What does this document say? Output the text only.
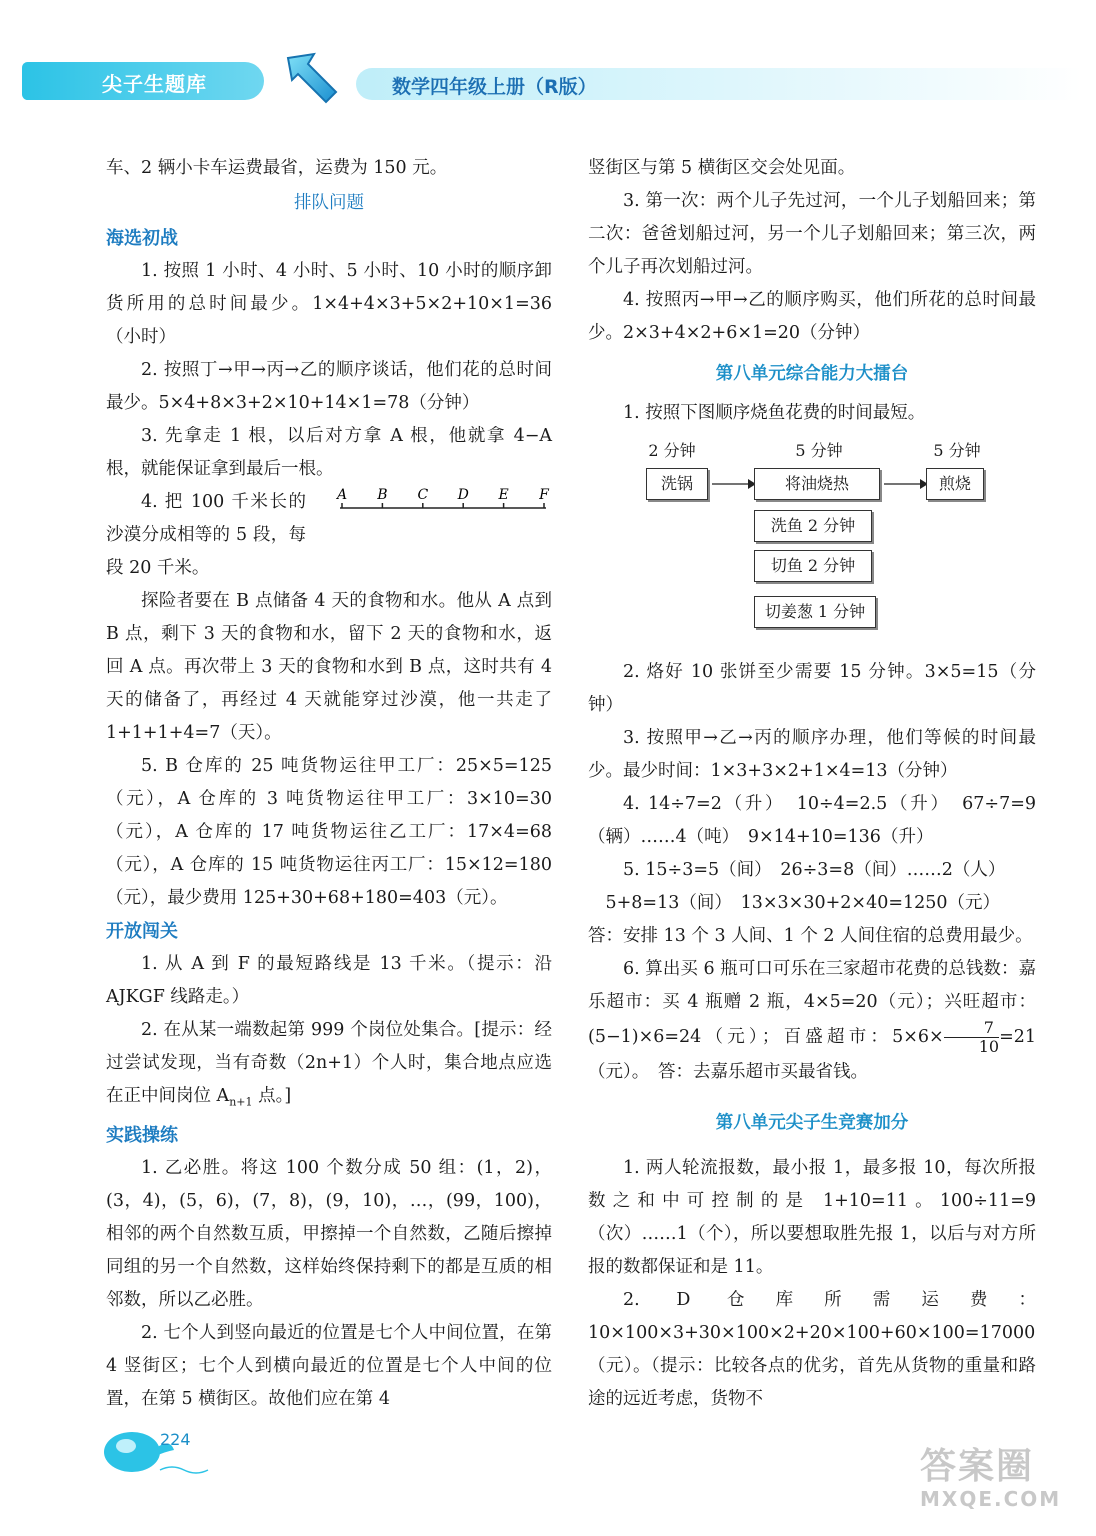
尖子生题库	数学四年级上册（R版）

车、2 辆小卡车运费最省，运费为 150 元。

排队问题
海选初战

1. 按照 1 小时、4 小时、5 小时、10 小时的顺序卸货所用的总时间最少。1×4+4×3+5×2+10×1=36（小时）

2. 按照丁→甲→丙→乙的顺序谈话，他们花的总时间最少。5×4+8×3+2×10+14×1=78（分钟）

3. 先拿走 1 根，以后对方拿 A 根，他就拿 4−A 根，就能保证拿到最后一根。

4. 把 100 千米长的沙漠分成相等的 5 段，每段 20 千米。

A B C D E F

探险者要在 B 点储备 4 天的食物和水。他从 A 点到 B 点，剩下 3 天的食物和水，留下 2 天的食物和水，返回 A 点。再次带上 3 天的食物和水到 B 点，这时共有 4 天的储备了，再经过 4 天就能穿过沙漠，他一共走了 1+1+1+4=7（天）。

5. B 仓库的 25 吨货物运往甲工厂：25×5=125（元），A 仓库的 3 吨货物运往甲工厂：3×10=30（元），A 仓库的 17 吨货物运往乙工厂：17×4=68（元），A 仓库的 15 吨货物运往丙工厂：15×12=180（元），最少费用 125+30+68+180=403（元）。

开放闯关

1. 从 A 到 F 的最短路线是 13 千米。（提示：沿 AJKGF 线路走。）

2. 在从某一端数起第 999 个岗位处集合。[提示：经过尝试发现，当有奇数（2n+1）个人时，集合地点应选在正中间岗位 $A_{n+1}$ 点。]

实践操练

1. 乙必胜。将这 100 个数分成 50 组：(1，2)，(3，4)，(5，6)，(7，8)，(9，10)，…，(99，100)，相邻的两个自然数互质，甲擦掉一个自然数，乙随后擦掉同组的另一个自然数，这样始终保持剩下的都是互质的相邻数，所以乙必胜。

2. 七个人到竖向最近的位置是七个人中间位置，在第 4 竖街区；七个人到横向最近的位置是七个人中间的位置，在第 5 横街区。故他们应在第 4

竖街区与第 5 横街区交会处见面。

3. 第一次：两个儿子先过河，一个儿子划船回来；第二次：爸爸划船过河，另一个儿子划船回来；第三次，两个儿子再次划船过河。

4. 按照丙→甲→乙的顺序购买，他们所花的总时间最少。2×3+4×2+6×1=20（分钟）

第八单元综合能力大擂台

1. 按照下图顺序烧鱼花费的时间最短。

2 分钟	5 分钟	5 分钟
洗锅	将油烧热	煎烧
洗鱼 2 分钟
切鱼 2 分钟
切姜葱 1 分钟

2. 烙好 10 张饼至少需要 15 分钟。3×5=15（分钟）

3. 按照甲→乙→丙的顺序办理，他们等候的时间最少。最少时间：1×3+3×2+1×4=13（分钟）

4. 14÷7=2（升）　10÷4=2.5（升）　67÷7=9（辆）……4（吨）　9×14+10=136（升）

5. 15÷3=5（间）　26÷3=8（间）……2（人）

5+8=13（间）　13×3×30+2×40=1250（元）

答：安排 13 个 3 人间、1 个 2 人间住宿的总费用最少。

6. 算出买 6 瓶可口可乐在三家超市花费的总钱数：嘉乐超市：买 4 瓶赠 2 瓶，4×5=20（元）；兴旺超市：(5−1)×6=24（元）；百盛超市：$5\times 6\times \frac{7}{10} =21$（元）。　答：去嘉乐超市买最省钱。

第八单元尖子生竞赛加分

1. 两人轮流报数，最小报 1，最多报 10，每次所报数之和中可控制的是 1+10=11。100÷11=9（次）……1（个），所以要想取胜先报 1，以后与对方所报的数都保证和是 11。

2. D 仓库所需运费：10×100×3+30×100×2+20×100+60×100=17000（元）。（提示：比较各点的优劣，首先从货物的重量和路途的远近考虑，货物不

224
答案圈
MXQE.COM
